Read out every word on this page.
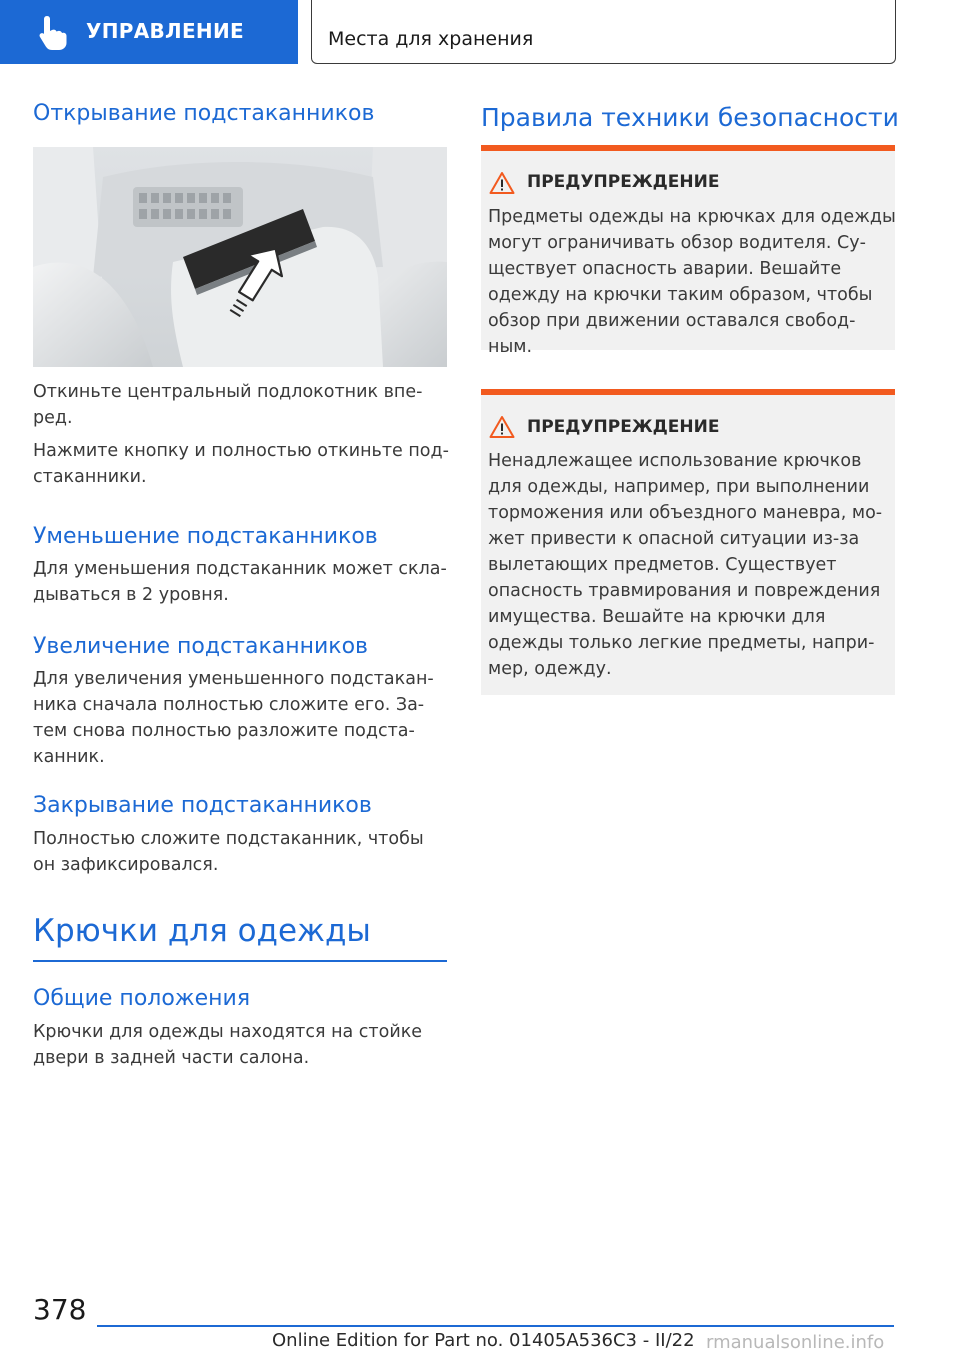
УПРАВЛЕНИЕ	Места для хранения
Открывание подстаканников
Откиньте центральный подлокотник впе-
ред.
Нажмите кнопку и полностью откиньте под-
стаканники.
Уменьшение подстаканников
Для уменьшения подстаканник может скла-
дываться в 2 уровня.
Увеличение подстаканников
Для увеличения уменьшенного подстакан-
ника сначала полностью сложите его. За-
тем снова полностью разложите подста-
канник.
Закрывание подстаканников
Полностью сложите подстаканник, чтобы
он зафиксировался.
Крючки для одежды
Общие положения
Крючки для одежды находятся на стойке
двери в задней части салона.
Правила техники безопасности
ПРЕДУПРЕЖДЕНИЕ
Предметы одежды на крючках для одежды
могут ограничивать обзор водителя. Су-
ществует опасность аварии. Вешайте
одежду на крючки таким образом, чтобы
обзор при движении оставался свобод-
ным.
ПРЕДУПРЕЖДЕНИЕ
Ненадлежащее использование крючков
для одежды, например, при выполнении
торможения или объездного маневра, мо-
жет привести к опасной ситуации из-за
вылетающих предметов. Существует
опасность травмирования и повреждения
имущества. Вешайте на крючки для
одежды только легкие предметы, напри-
мер, одежду.
378
Online Edition for Part no. 01405A536C3 - II/22 rmanualsonline.info
